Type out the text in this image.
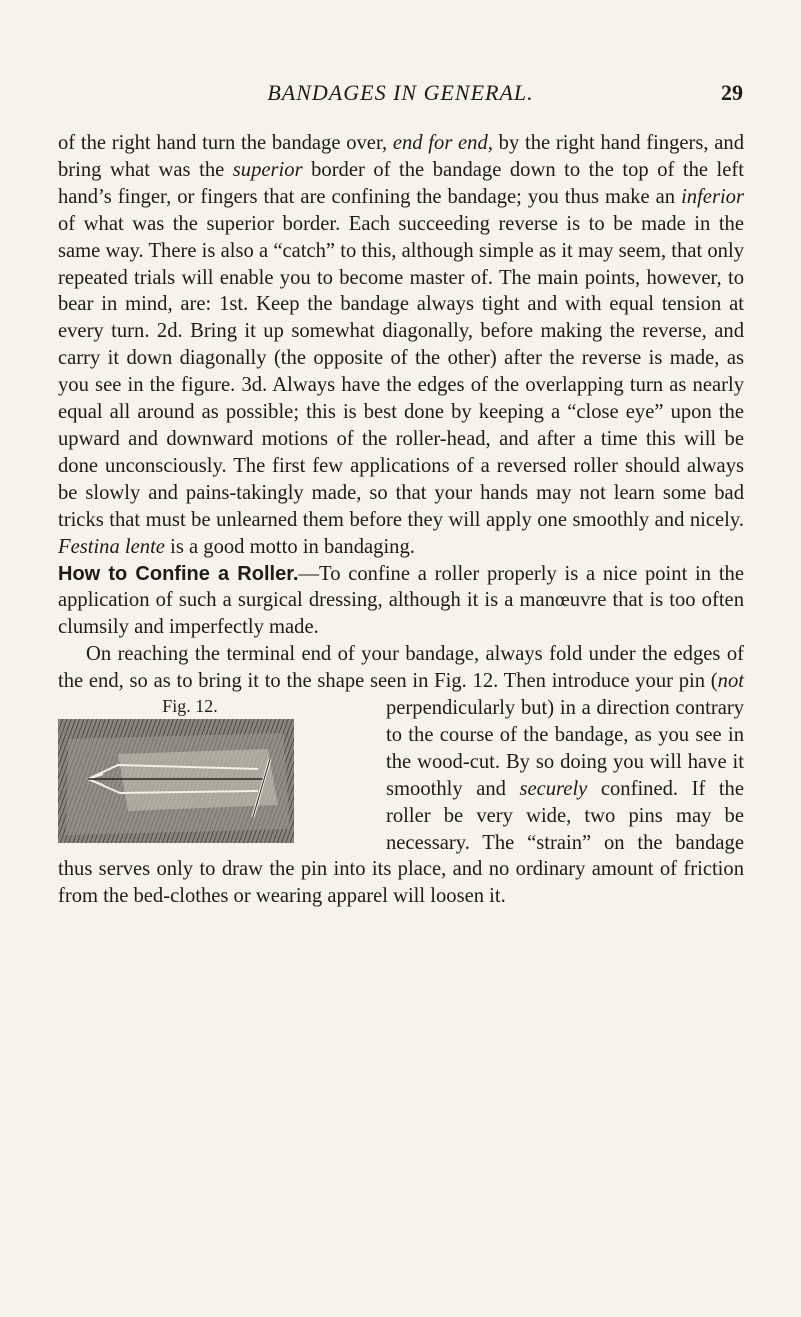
BANDAGES IN GENERAL.	29

of the right hand turn the bandage over, end for end, by the right hand fingers, and bring what was the superior border of the bandage down to the top of the left hand’s finger, or fingers that are confining the bandage; you thus make an inferior of what was the superior border. Each succeeding reverse is to be made in the same way. There is also a “catch” to this, although simple as it may seem, that only repeated trials will enable you to become master of. The main points, however, to bear in mind, are: 1st. Keep the bandage always tight and with equal tension at every turn. 2d. Bring it up somewhat diagonally, before making the reverse, and carry it down diagonally (the opposite of the other) after the reverse is made, as you see in the figure. 3d. Always have the edges of the overlapping turn as nearly equal all around as possible; this is best done by keeping a “close eye” upon the upward and downward motions of the roller-head, and after a time this will be done unconsciously. The first few applications of a reversed roller should always be slowly and pains-takingly made, so that your hands may not learn some bad tricks that must be unlearned them before they will apply one smoothly and nicely. Festina lente is a good motto in bandaging.

How to Confine a Roller.—To confine a roller properly is a nice point in the application of such a surgical dressing, although it is a manœuvre that is too often clumsily and imperfectly made.

On reaching the terminal end of your bandage, always fold under the edges of the end, so as to bring it to the shape seen in Fig. 12. Then introduce your pin (
Fig. 12.
not perpendicularly but) in a direction contrary to the course of the bandage, as you see in the wood-cut. By so doing you will have it smoothly and securely confined. If the roller be very wide, two pins may be necessary. The “strain” on the bandage thus serves only to draw the pin into its place, and no ordinary amount of friction from the bed-clothes or wearing apparel will loosen it.
